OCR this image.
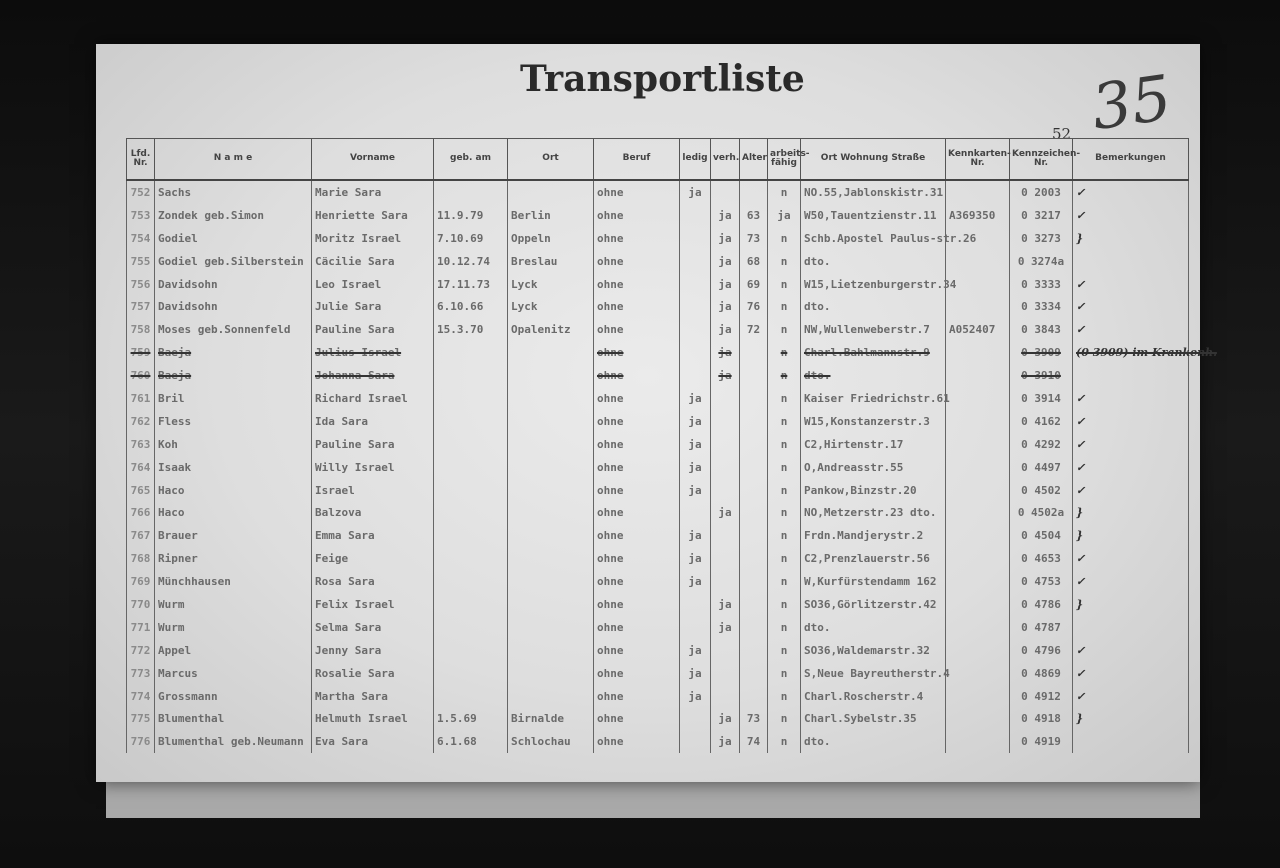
Transportliste	35
52
Lfd. Nr.	N a m e	Vorname	geb. am	Ort	Beruf	ledig	verh.	Alter	arbeits- fähig	Ort Wohnung Straße	Kennkarten- Nr.	Kennzeichen- Nr.	Bemerkungen
752	Sachs	Marie Sara			ohne	ja			n	NO.55,Jablonskistr.31		0 2003	✓
753	Zondek geb.Simon	Henriette Sara	11.9.79	Berlin	ohne		ja	63	ja	W50,Tauentzienstr.11	A369350	0 3217	✓
754	Godiel	Moritz Israel	7.10.69	Oppeln	ohne		ja	73	n	Schb.Apostel Paulus-str.26		0 3273	}
755	Godiel geb.Silberstein	Cäcilie Sara	10.12.74	Breslau	ohne		ja	68	n	dto.		0 3274a	
756	Davidsohn	Leo Israel	17.11.73	Lyck	ohne		ja	69	n	W15,Lietzenburgerstr.34		0 3333	✓
757	Davidsohn	Julie Sara	6.10.66	Lyck	ohne		ja	76	n	dto.		0 3334	✓
758	Moses geb.Sonnenfeld	Pauline Sara	15.3.70	Opalenitz	ohne		ja	72	n	NW,Wullenweberstr.7	A052407	0 3843	✓
759	Baeja	Julius Israel			ohne		ja		n	Charl.Bahlmannstr.9		0 3909	(0 3909) im Krankenh.
760	Baeja	Johanna Sara			ohne		ja		n	dto.		0 3910	
761	Bril	Richard Israel			ohne	ja			n	Kaiser Friedrichstr.61		0 3914	✓
762	Fless	Ida Sara			ohne	ja			n	W15,Konstanzerstr.3		0 4162	✓
763	Koh	Pauline Sara			ohne	ja			n	C2,Hirtenstr.17		0 4292	✓
764	Isaak	Willy Israel			ohne	ja			n	O,Andreasstr.55		0 4497	✓
765	Haco	Israel			ohne	ja			n	Pankow,Binzstr.20		0 4502	✓
766	Haco	Balzova			ohne		ja		n	NO,Metzerstr.23 dto.		0 4502a	}
767	Brauer	Emma Sara			ohne	ja			n	Frdn.Mandjerystr.2		0 4504	}
768	Ripner	Feige			ohne	ja			n	C2,Prenzlauerstr.56		0 4653	✓
769	Münchhausen	Rosa Sara			ohne	ja			n	W,Kurfürstendamm 162		0 4753	✓
770	Wurm	Felix Israel			ohne		ja		n	SO36,Görlitzerstr.42		0 4786	}
771	Wurm	Selma Sara			ohne		ja		n	dto.		0 4787	
772	Appel	Jenny Sara			ohne	ja			n	SO36,Waldemarstr.32		0 4796	✓
773	Marcus	Rosalie Sara			ohne	ja			n	S,Neue Bayreutherstr.4		0 4869	✓
774	Grossmann	Martha Sara			ohne	ja			n	Charl.Roscherstr.4		0 4912	✓
775	Blumenthal	Helmuth Israel	1.5.69	Birnalde	ohne		ja	73	n	Charl.Sybelstr.35		0 4918	}
776	Blumenthal geb.Neumann	Eva Sara	6.1.68	Schlochau	ohne		ja	74	n	dto.		0 4919	
